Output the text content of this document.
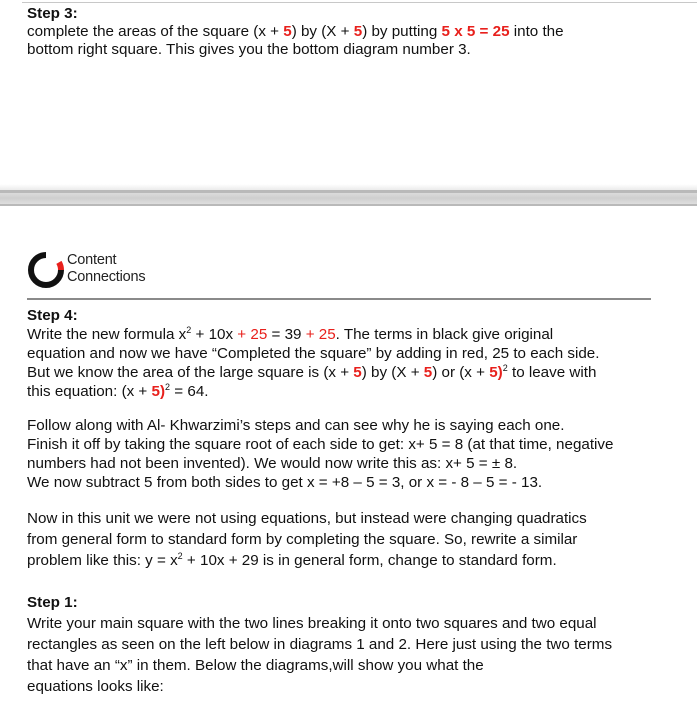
Step 3:

complete the areas of the square (x + 5) by (X + 5) by putting 5 x 5 = 25 into the

bottom right square. This gives you the bottom diagram number 3.

Content
Connections
Step 4:

Write the new formula $x^2 + 10x + 25 = 39 + 25$. The terms in black give original

equation and now we have “Completed the square” by adding in red, 25 to each side.

But we know the area of the large square is (x + 5) by (X + 5) or $(x + 5)^2$ to leave with

this equation: $(x + 5)^2 = 64$.

Follow along with Al- Khwarzimi’s steps and can see why he is saying each one.

Finish it off by taking the square root of each side to get: x+ 5 = 8 (at that time, negative

numbers had not been invented). We would now write this as: x+ 5 = ± 8.

We now subtract 5 from both sides to get x = +8 – 5 = 3, or x = - 8 – 5 = - 13.

Now in this unit we were not using equations, but instead were changing quadratics

from general form to standard form by completing the square. So, rewrite a similar

problem like this: $y = x^2 + 10x + 29$ is in general form, change to standard form.

Step 1:

Write your main square with the two lines breaking it onto two squares and two equal

rectangles as seen on the left below in diagrams 1 and 2. Here just using the two terms

that have an “x” in them. Below the diagrams,will show you what the

equations looks like:
